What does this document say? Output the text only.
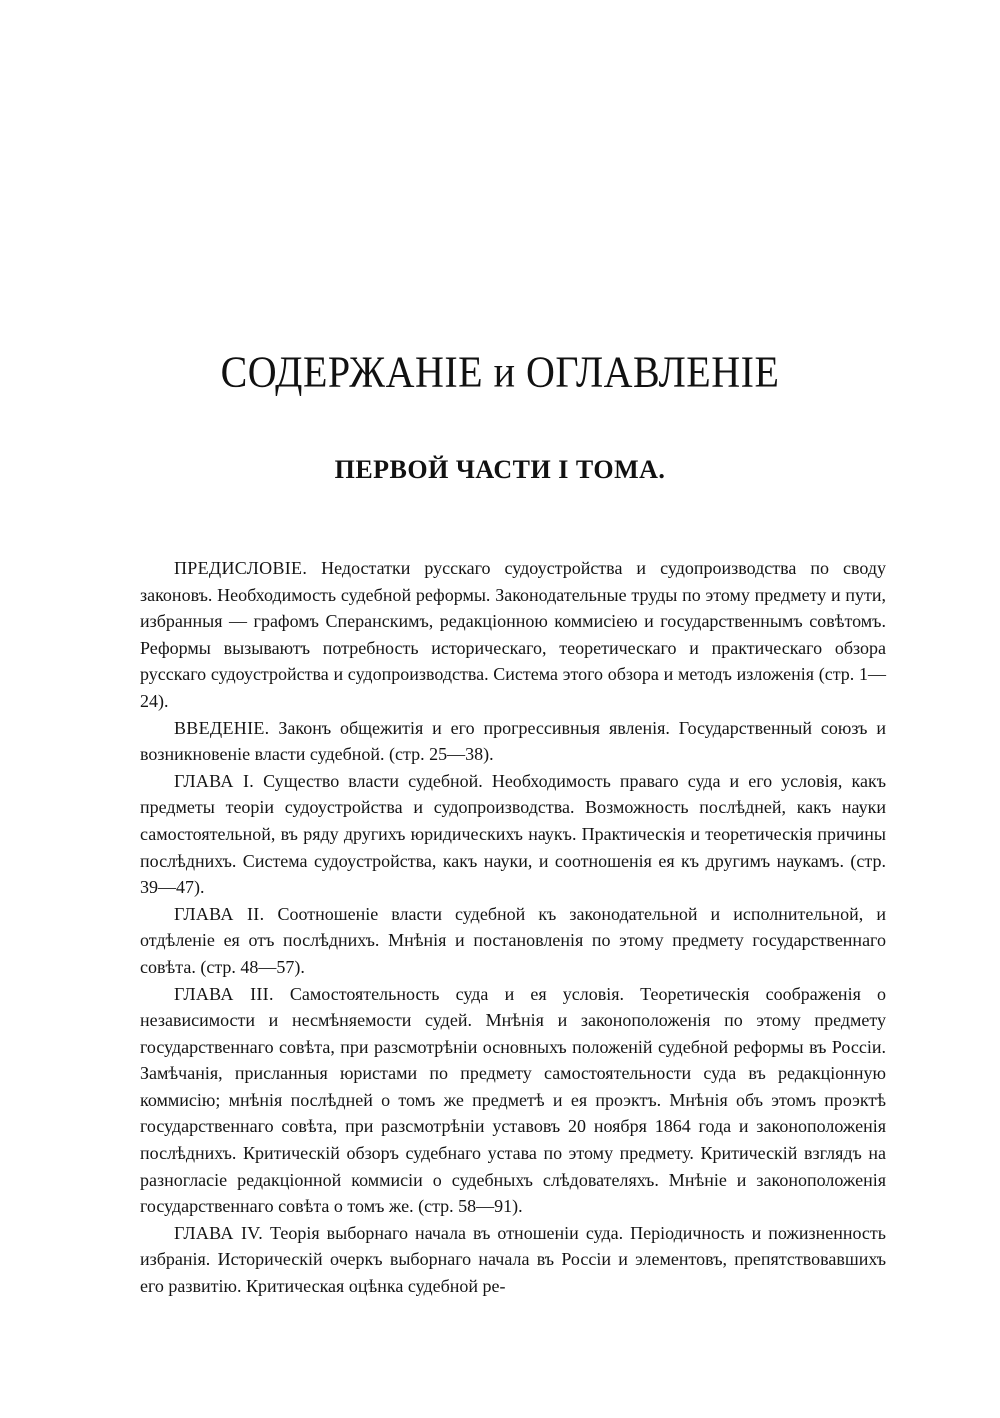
СОДЕРЖАНІЕ и ОГЛАВЛЕНІЕ
ПЕРВОЙ ЧАСТИ I ТОМА.

ПРЕДИСЛОВІЕ. Недостатки русскаго судоустройства и судопроизводства по своду законовъ. Необходимость судебной реформы. Законодательные труды по этому предмету и пути, избранныя — графомъ Сперанскимъ, редакціонною коммисіею и государственнымъ совѣтомъ. Реформы вызываютъ потребность историческаго, теоретическаго и практическаго обзора русскаго судоустройства и судопроизводства. Система этого обзора и методъ изложенія (стр. 1—24).

ВВЕДЕНІЕ. Законъ общежитія и его прогрессивныя явленія. Государственный союзъ и возникновеніе власти судебной. (стр. 25—38).

ГЛАВА I. Существо власти судебной. Необходимость праваго суда и его условія, какъ предметы теоріи судоустройства и судопроизводства. Возможность послѣдней, какъ науки самостоятельной, въ ряду другихъ юридическихъ наукъ. Практическія и теоретическія причины послѣднихъ. Система судоустройства, какъ науки, и соотношенія ея къ другимъ наукамъ. (стр. 39—47).

ГЛАВА II. Соотношеніе власти судебной къ законодательной и исполнительной, и отдѣленіе ея отъ послѣднихъ. Мнѣнія и постановленія по этому предмету государственнаго совѣта. (стр. 48—57).

ГЛАВА III. Самостоятельность суда и ея условія. Теоретическія соображенія о независимости и несмѣняемости судей. Мнѣнія и законоположенія по этому предмету государственнаго совѣта, при разсмотрѣніи основныхъ положеній судебной реформы въ Россіи. Замѣчанія, присланныя юристами по предмету самостоятельности суда въ редакціонную коммисію; мнѣнія послѣдней о томъ же предметѣ и ея проэктъ. Мнѣнія объ этомъ проэктѣ государственнаго совѣта, при разсмотрѣніи уставовъ 20 ноября 1864 года и законоположенія послѣднихъ. Критическій обзоръ судебнаго устава по этому предмету. Критическій взглядъ на разногласіе редакціонной коммисіи о судебныхъ слѣдователяхъ. Мнѣніе и законоположенія государственнаго совѣта о томъ же. (стр. 58—91).

ГЛАВА IV. Теорія выборнаго начала въ отношеніи суда. Періодичность и пожизненность избранія. Историческій очеркъ выборнаго начала въ Россіи и элементовъ, препятствовавшихъ его развитію. Критическая оцѣнка судебной ре-
